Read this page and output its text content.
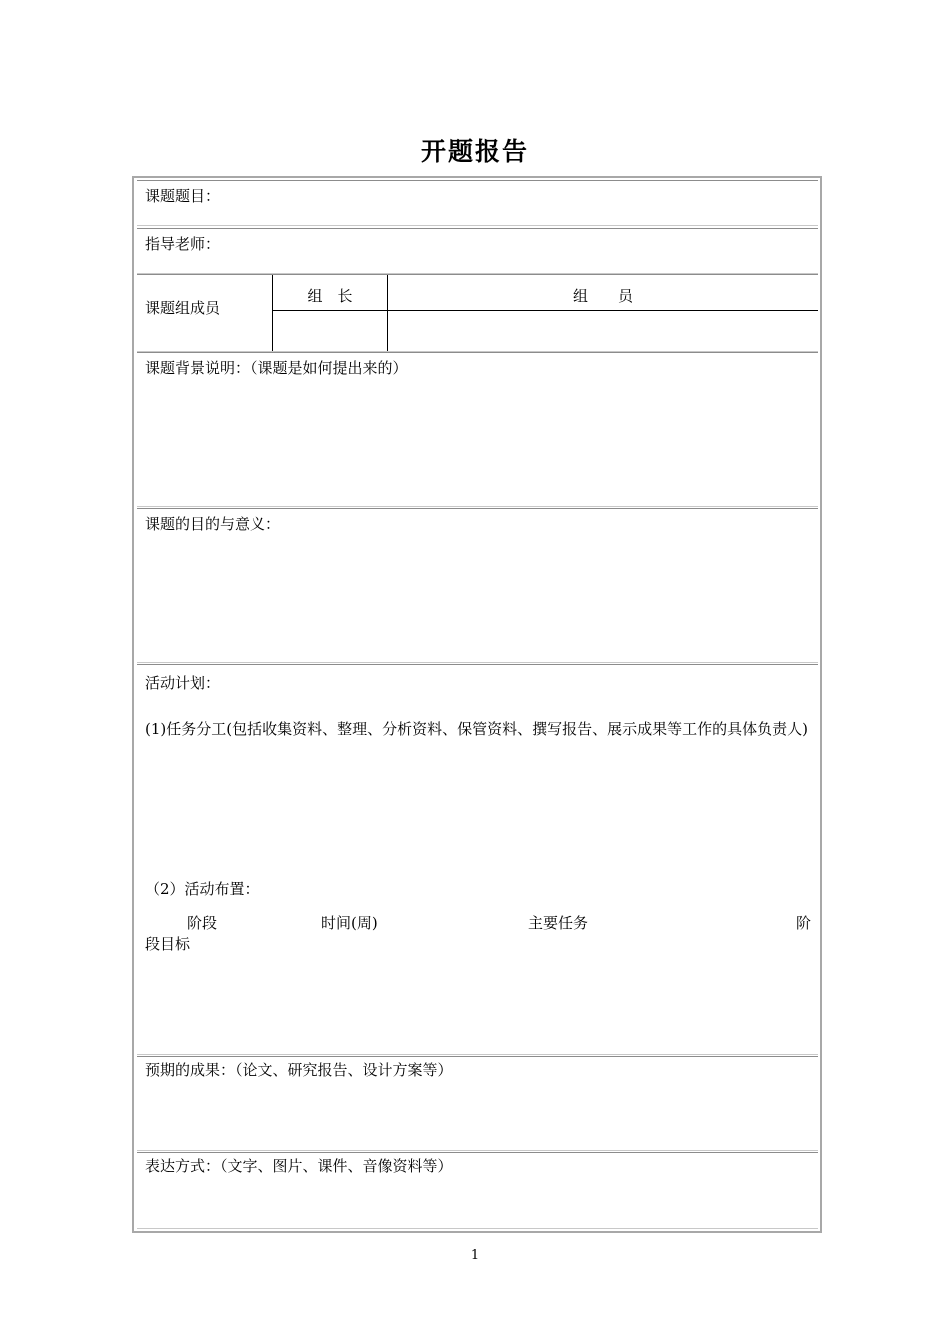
开题报告
课题题目：
指导老师：
课题组成员
组　长	组　　员
课题背景说明：（课题是如何提出来的）
课题的目的与意义：
活动计划：
(1)任务分工(包括收集资料、整理、分析资料、保管资料、撰写报告、展示成果等工作的具体负责人)
（2）活动布置：
阶段	时间(周)	主要任务	阶
段目标
预期的成果：（论文、研究报告、设计方案等）
表达方式：（文字、图片、课件、音像资料等）
1
